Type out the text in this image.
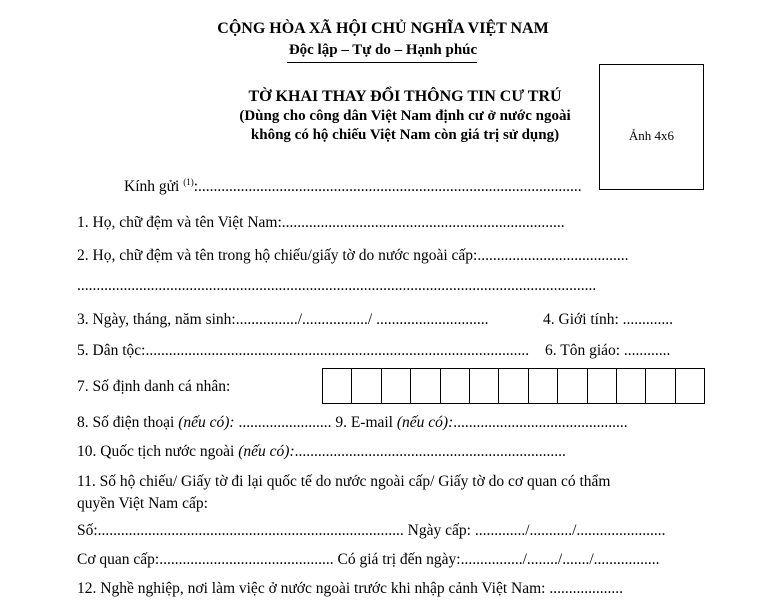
CỘNG HÒA XÃ HỘI CHỦ NGHĨA VIỆT NAM
Độc lập – Tự do – Hạnh phúc
TỜ KHAI THAY ĐỔI THÔNG TIN CƯ TRÚ
(Dùng cho công dân Việt Nam định cư ở nước ngoài
không có hộ chiếu Việt Nam còn giá trị sử dụng)	Ảnh 4x6
Kính gửi $^{(1)}$:...................................................................................................
1. Họ, chữ đệm và tên Việt Nam:.........................................................................
2. Họ, chữ đệm và tên trong hộ chiếu/giấy tờ do nước ngoài cấp:.......................................
......................................................................................................................................
3. Ngày, tháng, năm sinh:................/................./ .............................	4. Giới tính: .............
5. Dân tộc:................................................................................................... 6. Tôn giáo: ............
7. Số định danh cá nhân:
8. Số điện thoại (nếu có): ........................ 9. E-mail (nếu có):.............................................
10. Quốc tịch nước ngoài (nếu có):......................................................................
11. Số hộ chiếu/ Giấy tờ đi lại quốc tế do nước ngoài cấp/ Giấy tờ do cơ quan có thẩm
quyền Việt Nam cấp:
Số:............................................................................... Ngày cấp: ............./.........../.......................
Cơ quan cấp:............................................. Có giá trị đến ngày:................/......../......./.................
12. Nghề nghiệp, nơi làm việc ở nước ngoài trước khi nhập cảnh Việt Nam: ...................
